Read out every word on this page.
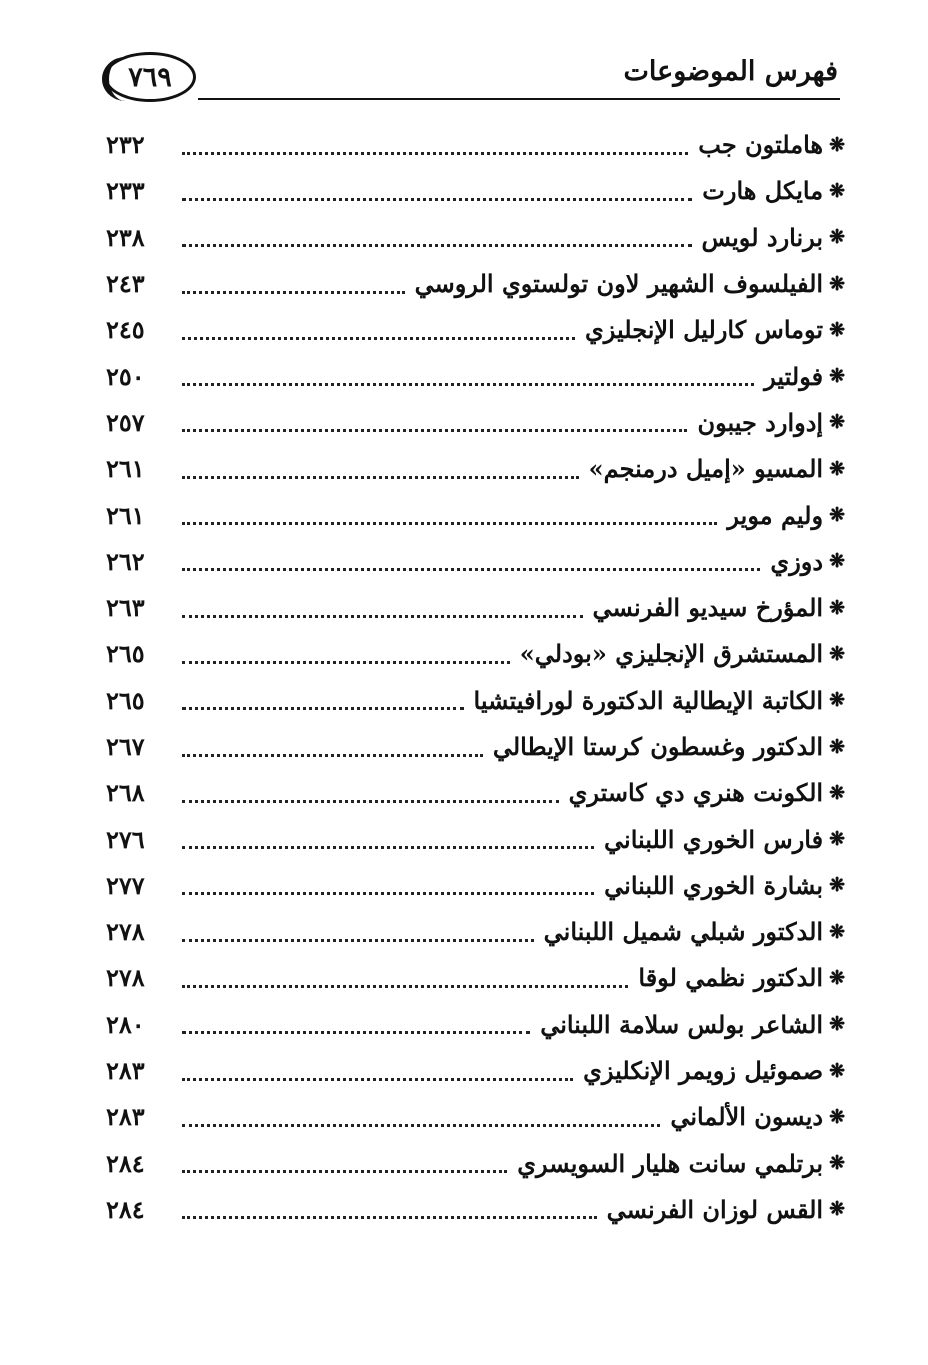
٧٦٩	فهرس الموضوعات
❋
هاملتون جب
٢٣٢
❋
مايكل هارت
٢٣٣
❋
برنارد لويس
٢٣٨
❋
الفيلسوف الشهير لاون تولستوي الروسي
٢٤٣
❋
توماس كارليل الإنجليزي
٢٤٥
❋
فولتير
٢٥٠
❋
إدوارد جيبون
٢٥٧
❋
المسيو «إميل درمنجم»
٢٦١
❋
وليم موير
٢٦١
❋
دوزي
٢٦٢
❋
المؤرخ سيديو الفرنسي
٢٦٣
❋
المستشرق الإنجليزي «بودلي»
٢٦٥
❋
الكاتبة الإيطالية الدكتورة لورافيتشيا
٢٦٥
❋
الدكتور وغسطون كرستا الإيطالي
٢٦٧
❋
الكونت هنري دي كاستري
٢٦٨
❋
فارس الخوري اللبناني
٢٧٦
❋
بشارة الخوري اللبناني
٢٧٧
❋
الدكتور شبلي شميل اللبناني
٢٧٨
❋
الدكتور نظمي لوقا
٢٧٨
❋
الشاعر بولس سلامة اللبناني
٢٨٠
❋
صموئيل زويمر الإنكليزي
٢٨٣
❋
ديسون الألماني
٢٨٣
❋
برتلمي سانت هليار السويسري
٢٨٤
❋
القس لوزان الفرنسي
٢٨٤
